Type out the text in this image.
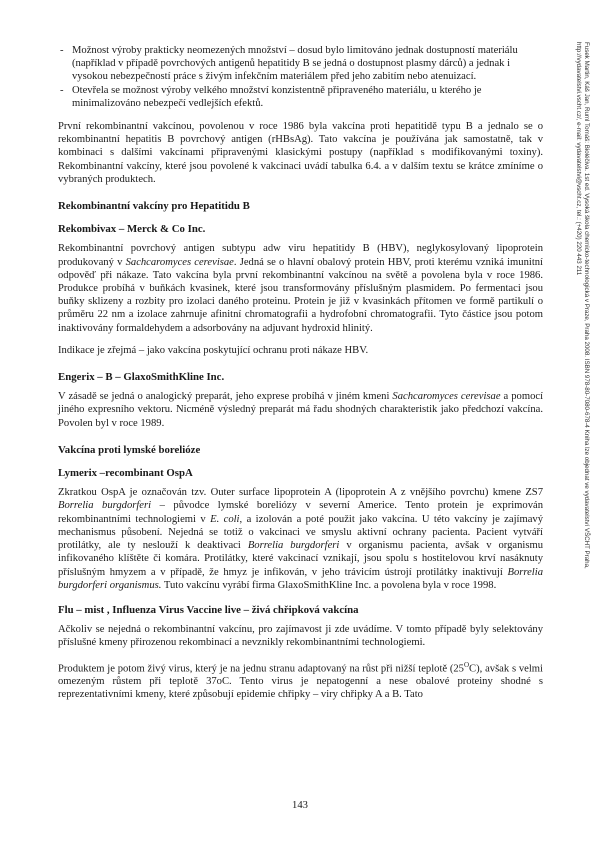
- Možnost výroby prakticky neomezených množství – dosud bylo limitováno jednak dostupností materiálu (například v případě povrchových antigenů hepatitidy B se jedná o dostupnost plasmy dárců) a jednak i vysokou nebezpečností práce s živým infekčním materiálem před jeho zabitím nebo atenuizací.
- Otevřela se možnost výroby velkého množství konzistentně připraveného materiálu, u kterého je minimalizováno nebezpečí vedlejších efektů.

První rekombinantní vakcínou, povolenou v roce 1986 byla vakcína proti hepatitidě typu B a jednalo se o rekombinantní hepatitis B povrchový antigen (rHBsAg). Tato vakcína je používána jak samostatně, tak v kombinaci s dalšími vakcínami připravenými klasickými postupy (například s modifikovanými toxiny). Rekombinantní vakcíny, které jsou povolené k vakcinaci uvádí tabulka 6.4. a v dalším textu se krátce zmíníme o vybraných produktech.

Rekombinantní vakcíny pro Hepatitidu B
Rekombivax – Merck & Co Inc.

Rekombinantní povrchový antigen subtypu adw viru hepatitidy B (HBV), neglykosylovaný lipoprotein produkovaný v Sachcaromyces cerevisae. Jedná se o hlavní obalový protein HBV, proti kterému vzniká imunitní odpověď při nákaze. Tato vakcína byla první rekombinantní vakcínou na světě a povolena byla v roce 1986. Produkce probíhá v buňkách kvasinek, které jsou transformovány příslušným plasmidem. Po fermentaci jsou buňky sklizeny a rozbity pro izolaci daného proteinu. Protein je již v kvasinkách přítomen ve formě partikulí o průměru 22 nm a izolace zahrnuje afinitní chromatografii a hydrofobní chromatografii. Tyto částice jsou potom inaktivovány formaldehydem a adsorbovány na adjuvant hydroxid hlinitý.

Indikace je zřejmá – jako vakcína poskytující ochranu proti nákaze HBV.

Engerix – B – GlaxoSmithKline Inc.

V zásadě se jedná o analogický preparát, jeho exprese probíhá v jiném kmeni Sachcaromyces cerevisae a pomocí jiného expresního vektoru. Nicméně výsledný preparát má řadu shodných charakteristik jako předchozí vakcína. Povolen byl v roce 1989.

Vakcína proti lymské borelióze
Lymerix –recombinant OspA

Zkratkou OspA je označován tzv. Outer surface lipoprotein A (lipoprotein A z vnějšího povrchu) kmene ZS7 Borrelia burgdorferi – původce lymské boreliózy v severní Americe. Tento protein je exprimován rekombinantními technologiemi v E. coli, a izolován a poté použit jako vakcína. U této vakcíny je zajímavý mechanismus působení. Nejedná se totiž o vakcinaci ve smyslu aktivní ochrany pacienta. Pacient vytváří protilátky, ale ty neslouží k deaktivaci Borrelia burgdorferi v organismu pacienta, avšak v organismu infikovaného klíštěte či komára. Protilátky, které vakcinací vznikají, jsou spolu s hostitelovou krví nasáknuty příslušným hmyzem a v případě, že hmyz je infikován, v jeho trávicím ústrojí protilátky inaktivují Borrelia burgdorferi organismus. Tuto vakcínu vyrábí firma GlaxoSmithKline Inc. a povolena byla v roce 1998.

Flu – mist , Influenza Virus Vaccine live – živá chřipková vakcína

Ačkoliv se nejedná o rekombinantní vakcínu, pro zajímavost ji zde uvádíme. V tomto případě byly selektovány příslušné kmeny přirozenou rekombinací a nevznikly rekombinantními technologiemi.

Produktem je potom živý virus, který je na jednu stranu adaptovaný na růst při nižší teplotě $(25^OC)$, avšak s velmi omezeným růstem při teplotě 37oC. Tento virus je nepatogenní a nese obalové proteiny shodné s reprezentativními kmeny, které způsobují epidemie chřipky – viry chřipky A a B. Tato

Fusek Martin, Káš Jan, Ruml Tomáš: Bioléčiva. 1st ed. Vysoká škola chemicko-technologická v Praze, Praha 2008. ISBN 978-80-7080-678-4 Kniha lze objednat ve vydavatelství VŠCHT Praha, http://vydavatelstvi.vscht.cz/, e-mail: vydavatelstvi@vscht.cz, tel.: (+420) 220 443 211
143
